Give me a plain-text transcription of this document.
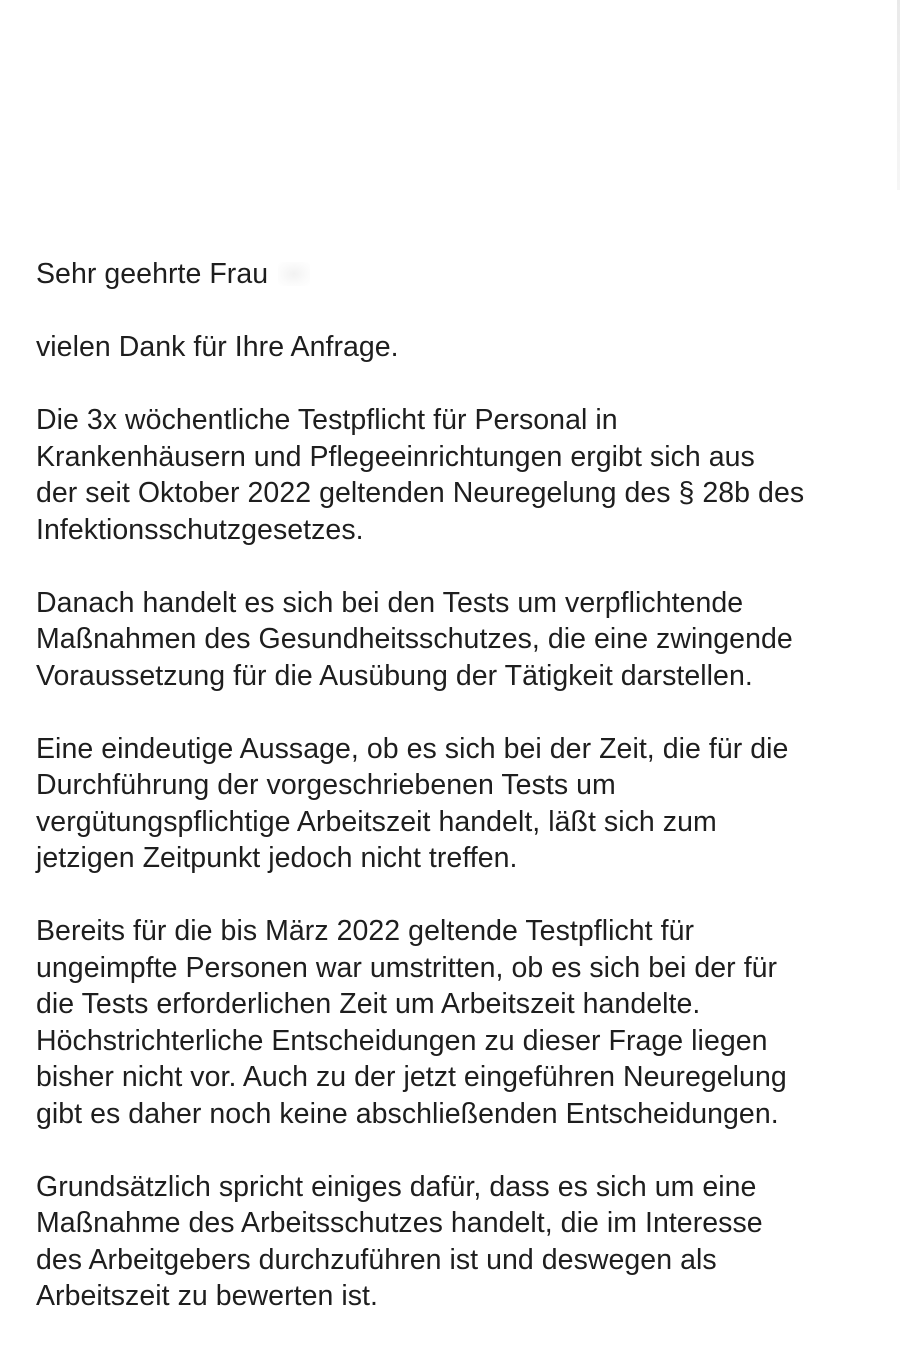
Sehr geehrte Frau

vielen Dank für Ihre Anfrage.

Die 3x wöchentliche Testpflicht für Personal in
Krankenhäusern und Pflegeeinrichtungen ergibt sich aus
der seit Oktober 2022 geltenden Neuregelung des § 28b des
Infektionsschutzgesetzes.

Danach handelt es sich bei den Tests um verpflichtende
Maßnahmen des Gesundheitsschutzes, die eine zwingende
Voraussetzung für die Ausübung der Tätigkeit darstellen.

Eine eindeutige Aussage, ob es sich bei der Zeit, die für die
Durchführung der vorgeschriebenen Tests um
vergütungspflichtige Arbeitszeit handelt, läßt sich zum
jetzigen Zeitpunkt jedoch nicht treffen.

Bereits für die bis März 2022 geltende Testpflicht für
ungeimpfte Personen war umstritten, ob es sich bei der für
die Tests erforderlichen Zeit um Arbeitszeit handelte.
Höchstrichterliche Entscheidungen zu dieser Frage liegen
bisher nicht vor. Auch zu der jetzt eingeführen Neuregelung
gibt es daher noch keine abschließenden Entscheidungen.

Grundsätzlich spricht einiges dafür, dass es sich um eine
Maßnahme des Arbeitsschutzes handelt, die im Interesse
des Arbeitgebers durchzuführen ist und deswegen als
Arbeitszeit zu bewerten ist.
